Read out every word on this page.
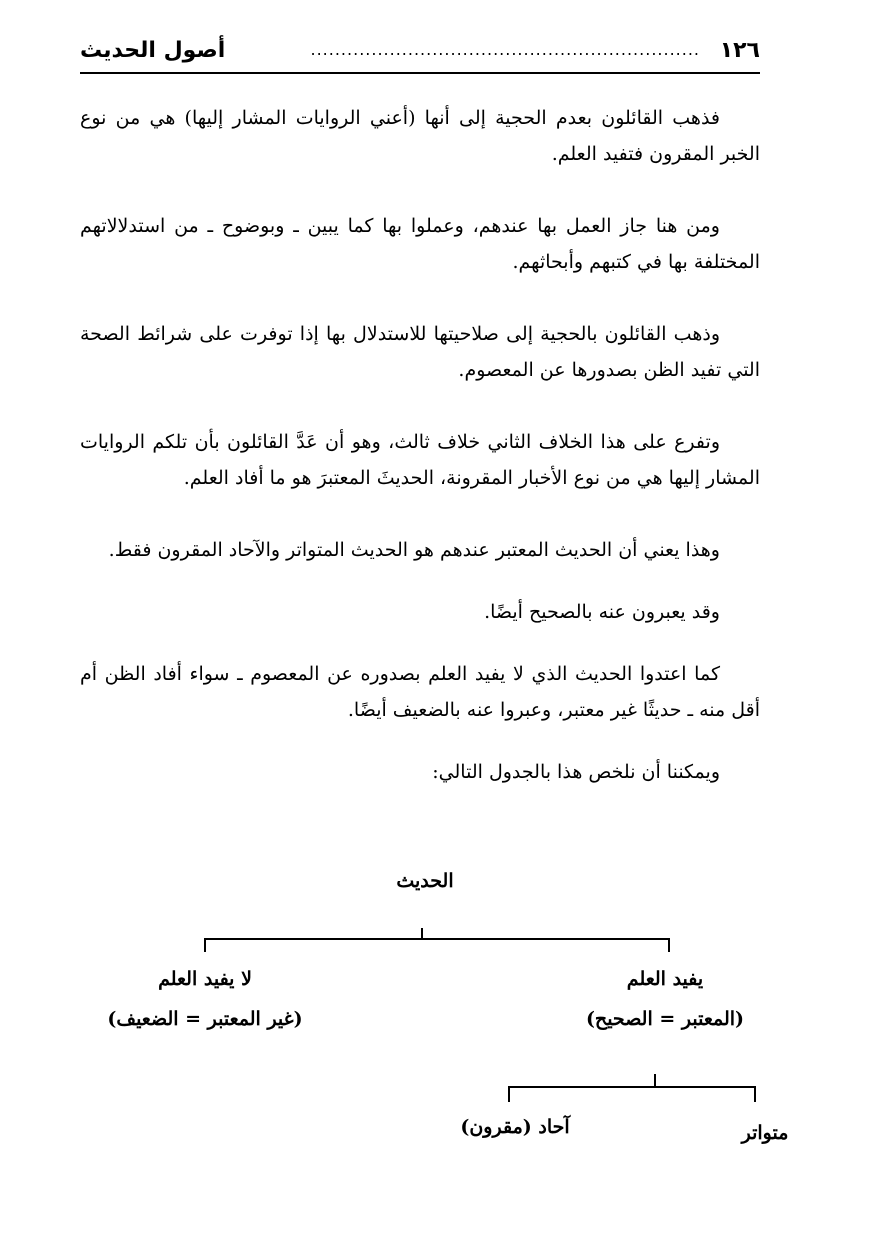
١٢٦
................................................................
أصول الحديث

فذهب القائلون بعدم الحجية إلى أنها (أعني الروايات المشار إليها) هي من نوع الخبر المقرون فتفيد العلم.

ومن هنا جاز العمل بها عندهم، وعملوا بها كما يبين ـ وبوضوح ـ من استدلالاتهم المختلفة بها في كتبهم وأبحاثهم.

وذهب القائلون بالحجية إلى صلاحيتها للاستدلال بها إذا توفرت على شرائط الصحة التي تفيد الظن بصدورها عن المعصوم.

وتفرع على هذا الخلاف الثاني خلاف ثالث، وهو أن عَدَّ القائلون بأن تلكم الروايات المشار إليها هي من نوع الأخبار المقرونة، الحديثَ المعتبرَ هو ما أفاد العلم.

وهذا يعني أن الحديث المعتبر عندهم هو الحديث المتواتر والآحاد المقرون فقط.

وقد يعبرون عنه بالصحيح أيضًا.

كما اعتدوا الحديث الذي لا يفيد العلم بصدوره عن المعصوم ـ سواء أفاد الظن أم أقل منه ـ حديثًا غير معتبر، وعبروا عنه بالضعيف أيضًا.

ويمكننا أن نلخص هذا بالجدول التالي:

الحديث
يفيد العلم
(المعتبر = الصحيح)
لا يفيد العلم
(غير المعتبر = الضعيف)
متواتر
آحاد (مقرون)
